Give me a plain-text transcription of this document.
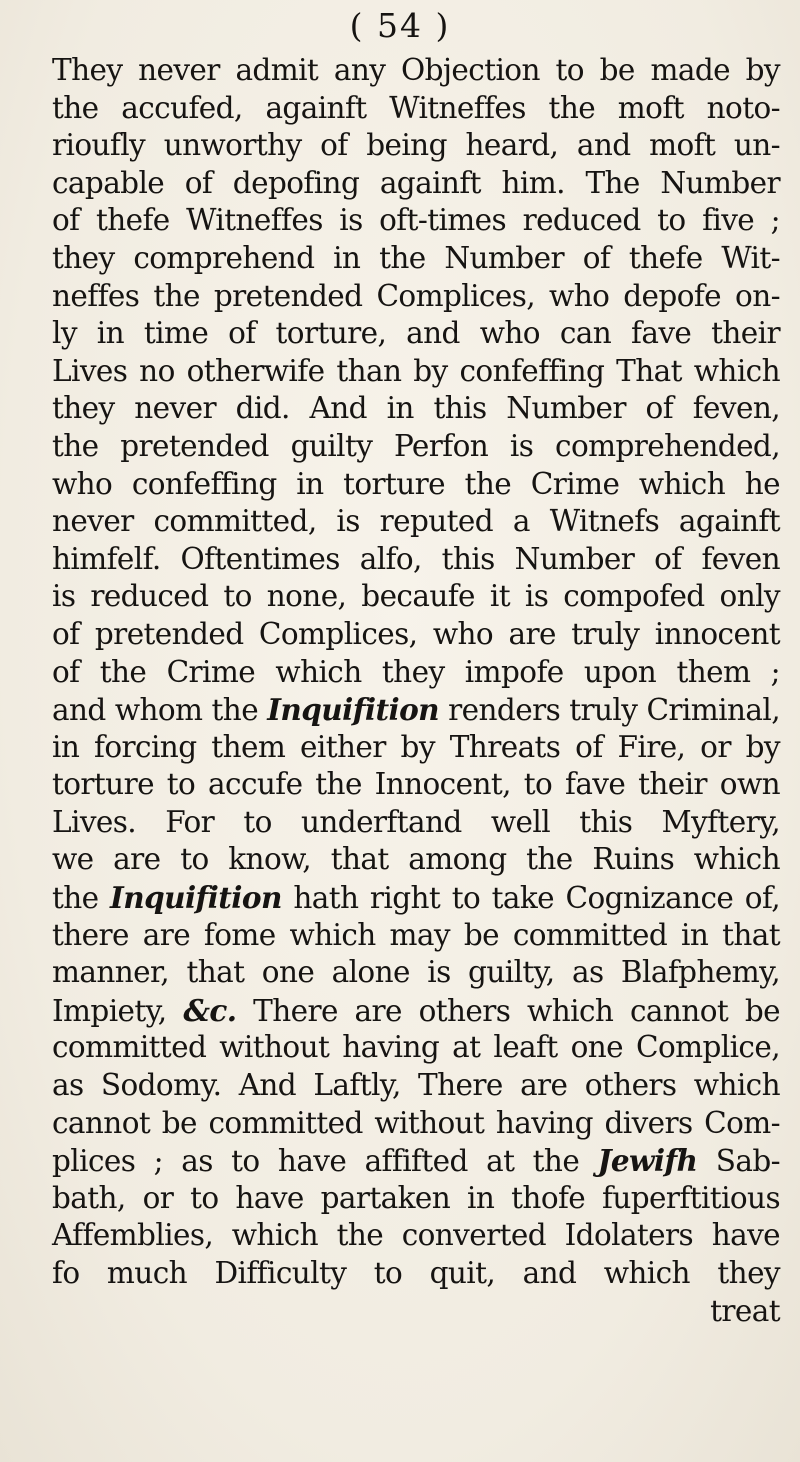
( 54 )
They never admit any Objection to be made by
the accufed, againft Witneffes the moft noto-
rioufly unworthy of being heard, and moft un-
capable of depofing againft him. The Number
of thefe Witneffes is oft-times reduced to five ;
they comprehend in the Number of thefe Wit-
neffes the pretended Complices, who depofe on-
ly in time of torture, and who can fave their
Lives no otherwife than by confeffing That which
they never did. And in this Number of feven,
the pretended guilty Perfon is comprehended,
who confeffing in torture the Crime which he
never committed, is reputed a Witnefs againft
himfelf. Oftentimes alfo, this Number of feven
is reduced to none, becaufe it is compofed only
of pretended Complices, who are truly innocent
of the Crime which they impofe upon them ;
and whom the Inquifition renders truly Criminal,
in forcing them either by Threats of Fire, or by
torture to accufe the Innocent, to fave their own
Lives. For to underftand well this Myftery,
we are to know, that among the Ruins which
the Inquifition hath right to take Cognizance of,
there are fome which may be committed in that
manner, that one alone is guilty, as Blafphemy,
Impiety, &c. There are others which cannot be
committed without having at leaft one Complice,
as Sodomy. And Laftly, There are others which
cannot be committed without having divers Com-
plices ; as to have affifted at the Jewifh Sab-
bath, or to have partaken in thofe fuperftitious
Affemblies, which the converted Idolaters have
fo much Difficulty to quit, and which they
treat
